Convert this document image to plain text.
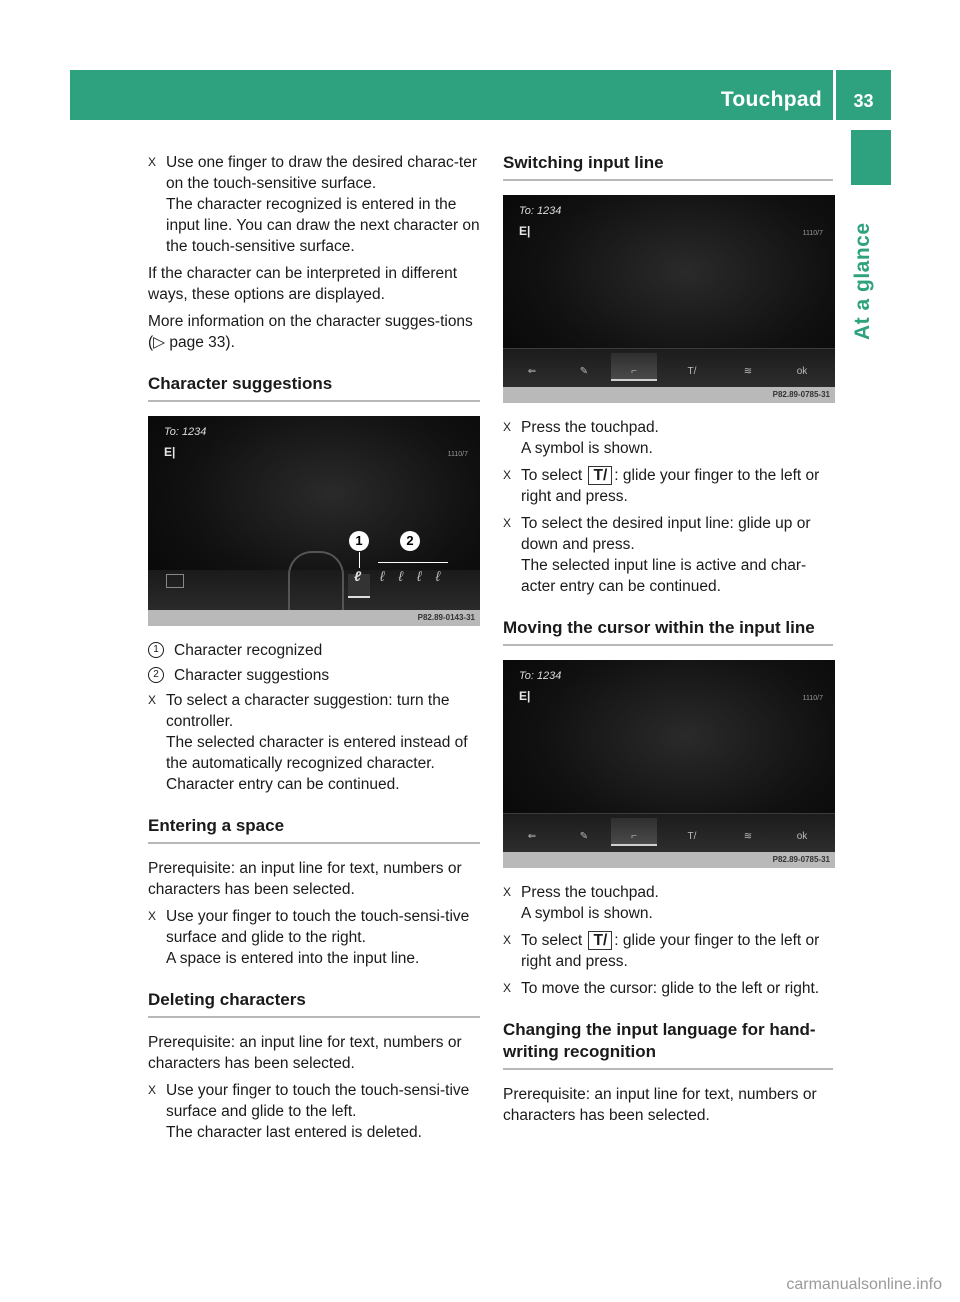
Touchpad	33
At a glance
X Use one finger to draw the desired charac-ter on the touch-sensitive surface.

The character recognized is entered in the input line. You can draw the next character on the touch-sensitive surface.

If the character can be interpreted in different ways, these options are displayed.

More information on the character sugges-tions (▷ page 33).

Character suggestions
To: 1234
E|	1110/7
ℓ ℓℓℓℓ
1	2
P82.89-0143-31
1 Character recognized
2 Character suggestions
X To select a character suggestion: turn the controller.

The selected character is entered instead of the automatically recognized character.

Character entry can be continued.

Entering a space

Prerequisite: an input line for text, numbers or characters has been selected.

X Use your finger to touch the touch-sensi-tive surface and glide to the right.

A space is entered into the input line.

Deleting characters

Prerequisite: an input line for text, numbers or characters has been selected.

X Use your finger to touch the touch-sensi-tive surface and glide to the left.

The character last entered is deleted.

Switching input line
To: 1234
E|	1110/7
⇐	✎	⌐	T/	≋	ok
P82.89-0785-31
X Press the touchpad.

A symbol is shown.

X To select T/ : glide your finger to the left or right and press.

X To select the desired input line: glide up or down and press.

The selected input line is active and char-acter entry can be continued.

Moving the cursor within the input line
To: 1234
E|	1110/7
⇐	✎	⌐	T/	≋	ok
P82.89-0785-31
X Press the touchpad.

A symbol is shown.

X To select T/ : glide your finger to the left or right and press.

X To move the cursor: glide to the left or right.

Changing the input language for hand-writing recognition

Prerequisite: an input line for text, numbers or characters has been selected.

carmanualsonline.info
